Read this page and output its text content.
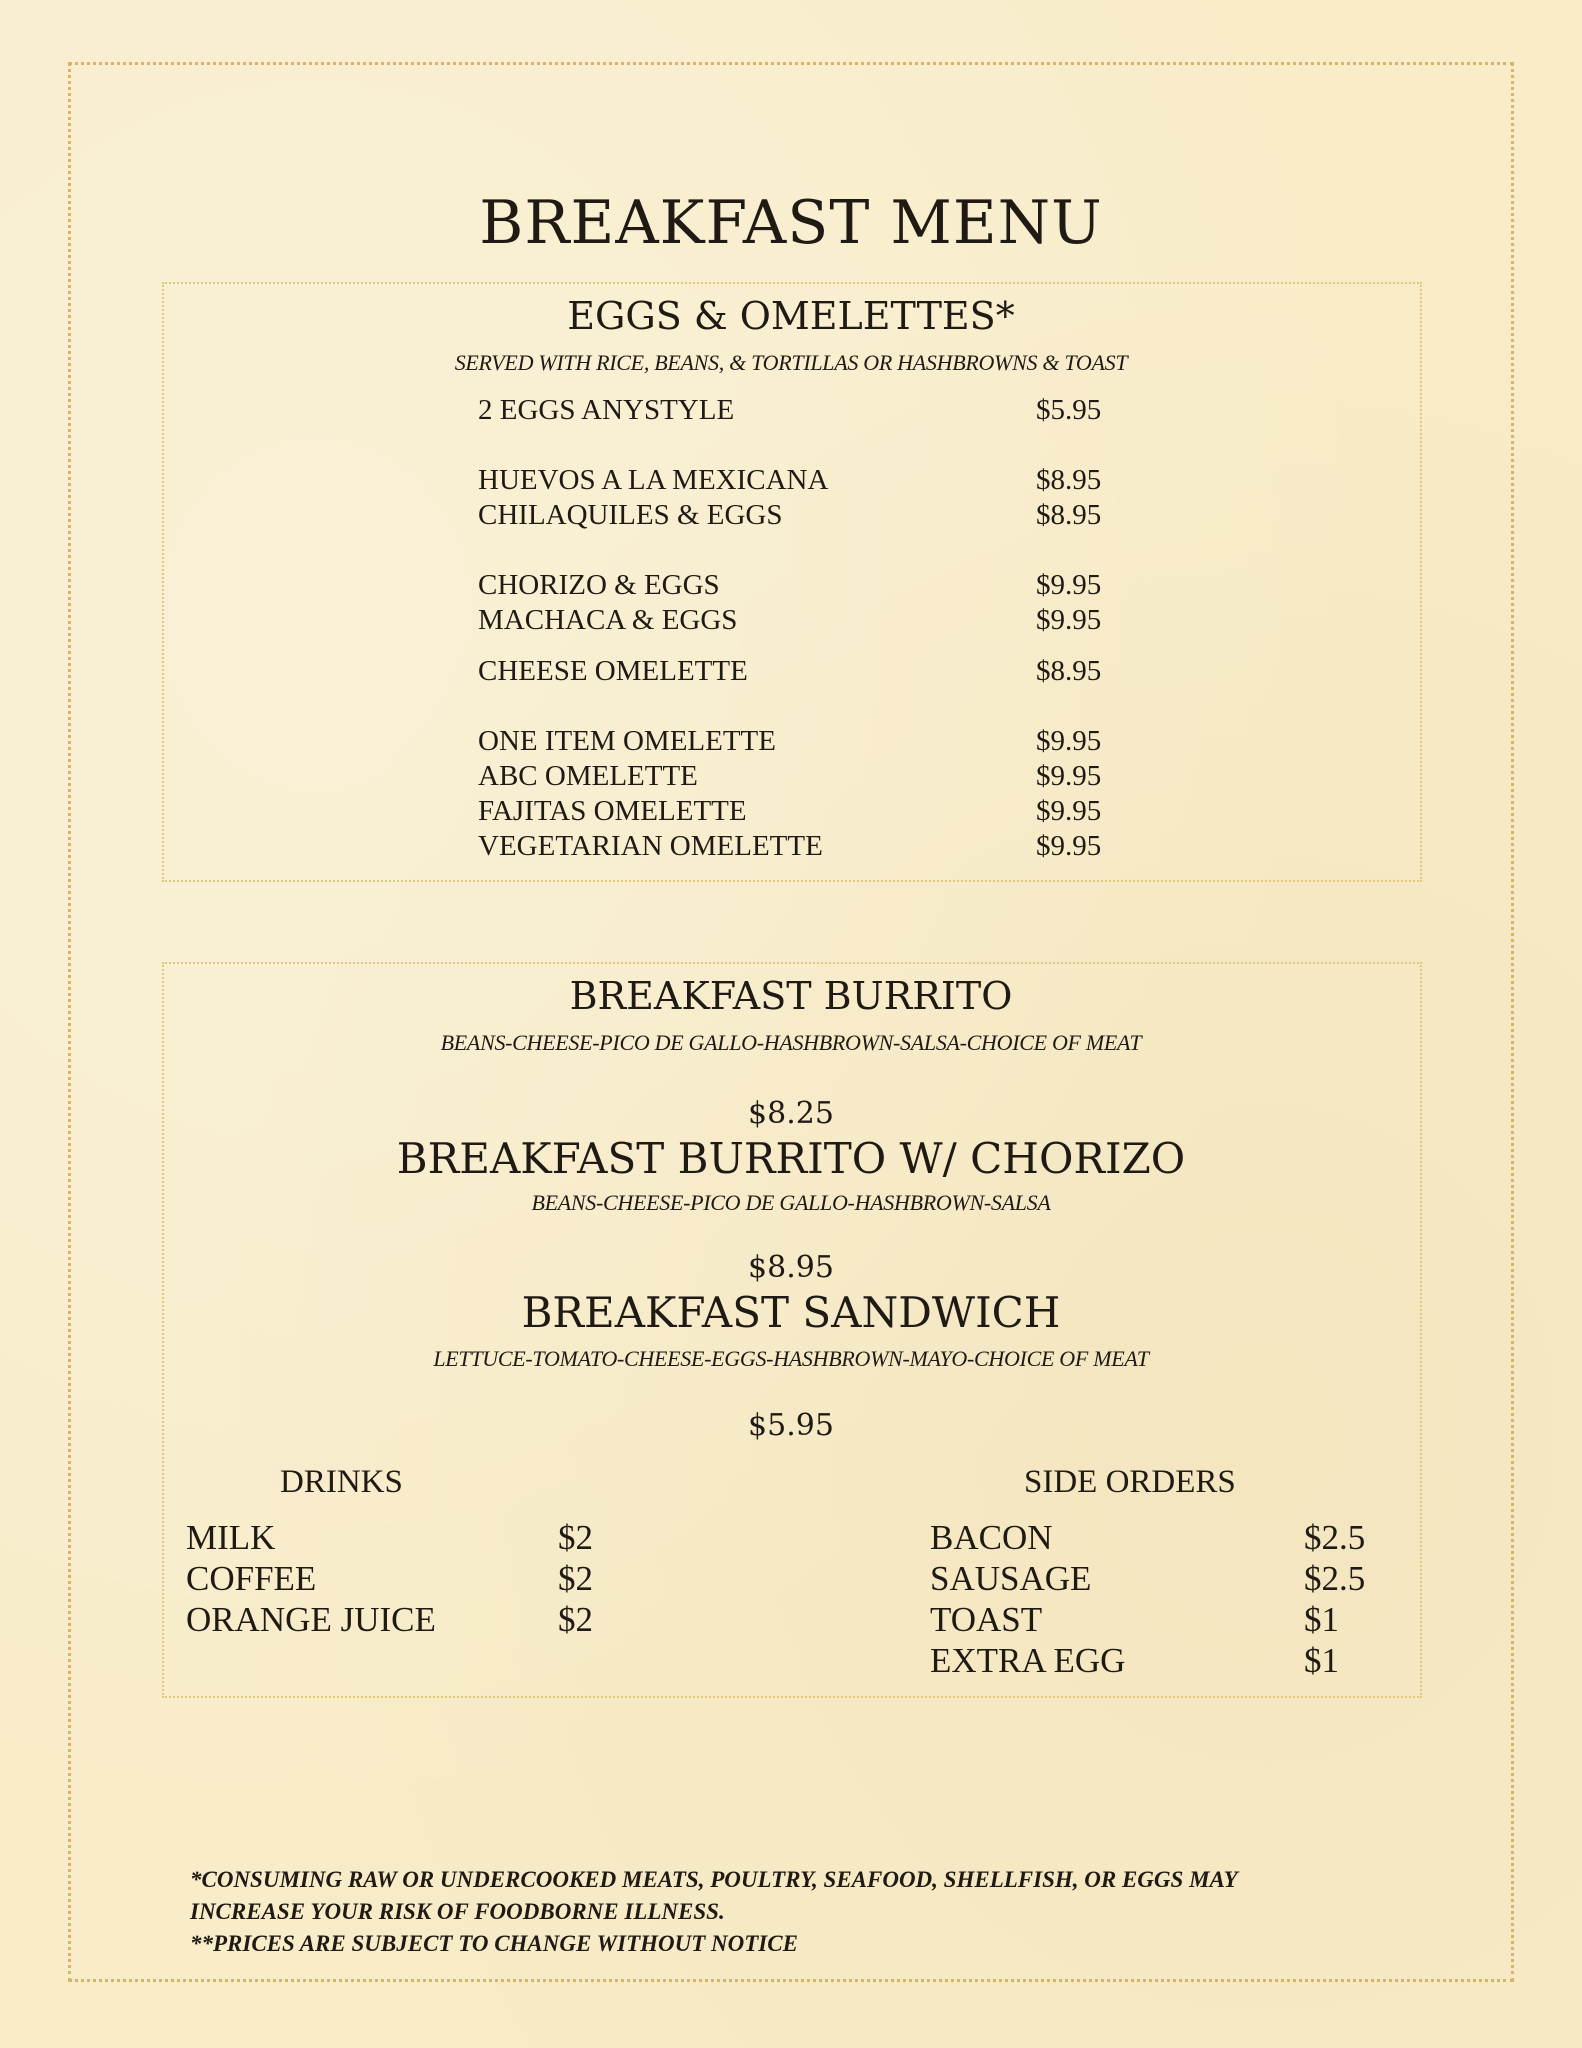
BREAKFAST MENU
EGGS & OMELETTES*
SERVED WITH RICE, BEANS, & TORTILLAS OR HASHBROWNS & TOAST
2 EGGS ANYSTYLE	$5.95
HUEVOS A LA MEXICANA	$8.95
CHILAQUILES & EGGS	$8.95
CHORIZO & EGGS	$9.95
MACHACA & EGGS	$9.95
CHEESE OMELETTE	$8.95
ONE ITEM OMELETTE	$9.95
ABC OMELETTE	$9.95
FAJITAS OMELETTE	$9.95
VEGETARIAN OMELETTE	$9.95
BREAKFAST BURRITO
BEANS-CHEESE-PICO DE GALLO-HASHBROWN-SALSA-CHOICE OF MEAT
$8.25
BREAKFAST BURRITO W/ CHORIZO
BEANS-CHEESE-PICO DE GALLO-HASHBROWN-SALSA
$8.95
BREAKFAST SANDWICH
LETTUCE-TOMATO-CHEESE-EGGS-HASHBROWN-MAYO-CHOICE OF MEAT
$5.95
DRINKS
MILK	$2
COFFEE	$2
ORANGE JUICE	$2
SIDE ORDERS
BACON	$2.5
SAUSAGE	$2.5
TOAST	$1
EXTRA EGG	$1
*CONSUMING RAW OR UNDERCOOKED MEATS, POULTRY, SEAFOOD, SHELLFISH, OR EGGS MAY
INCREASE YOUR RISK OF FOODBORNE ILLNESS.
**PRICES ARE SUBJECT TO CHANGE WITHOUT NOTICE
